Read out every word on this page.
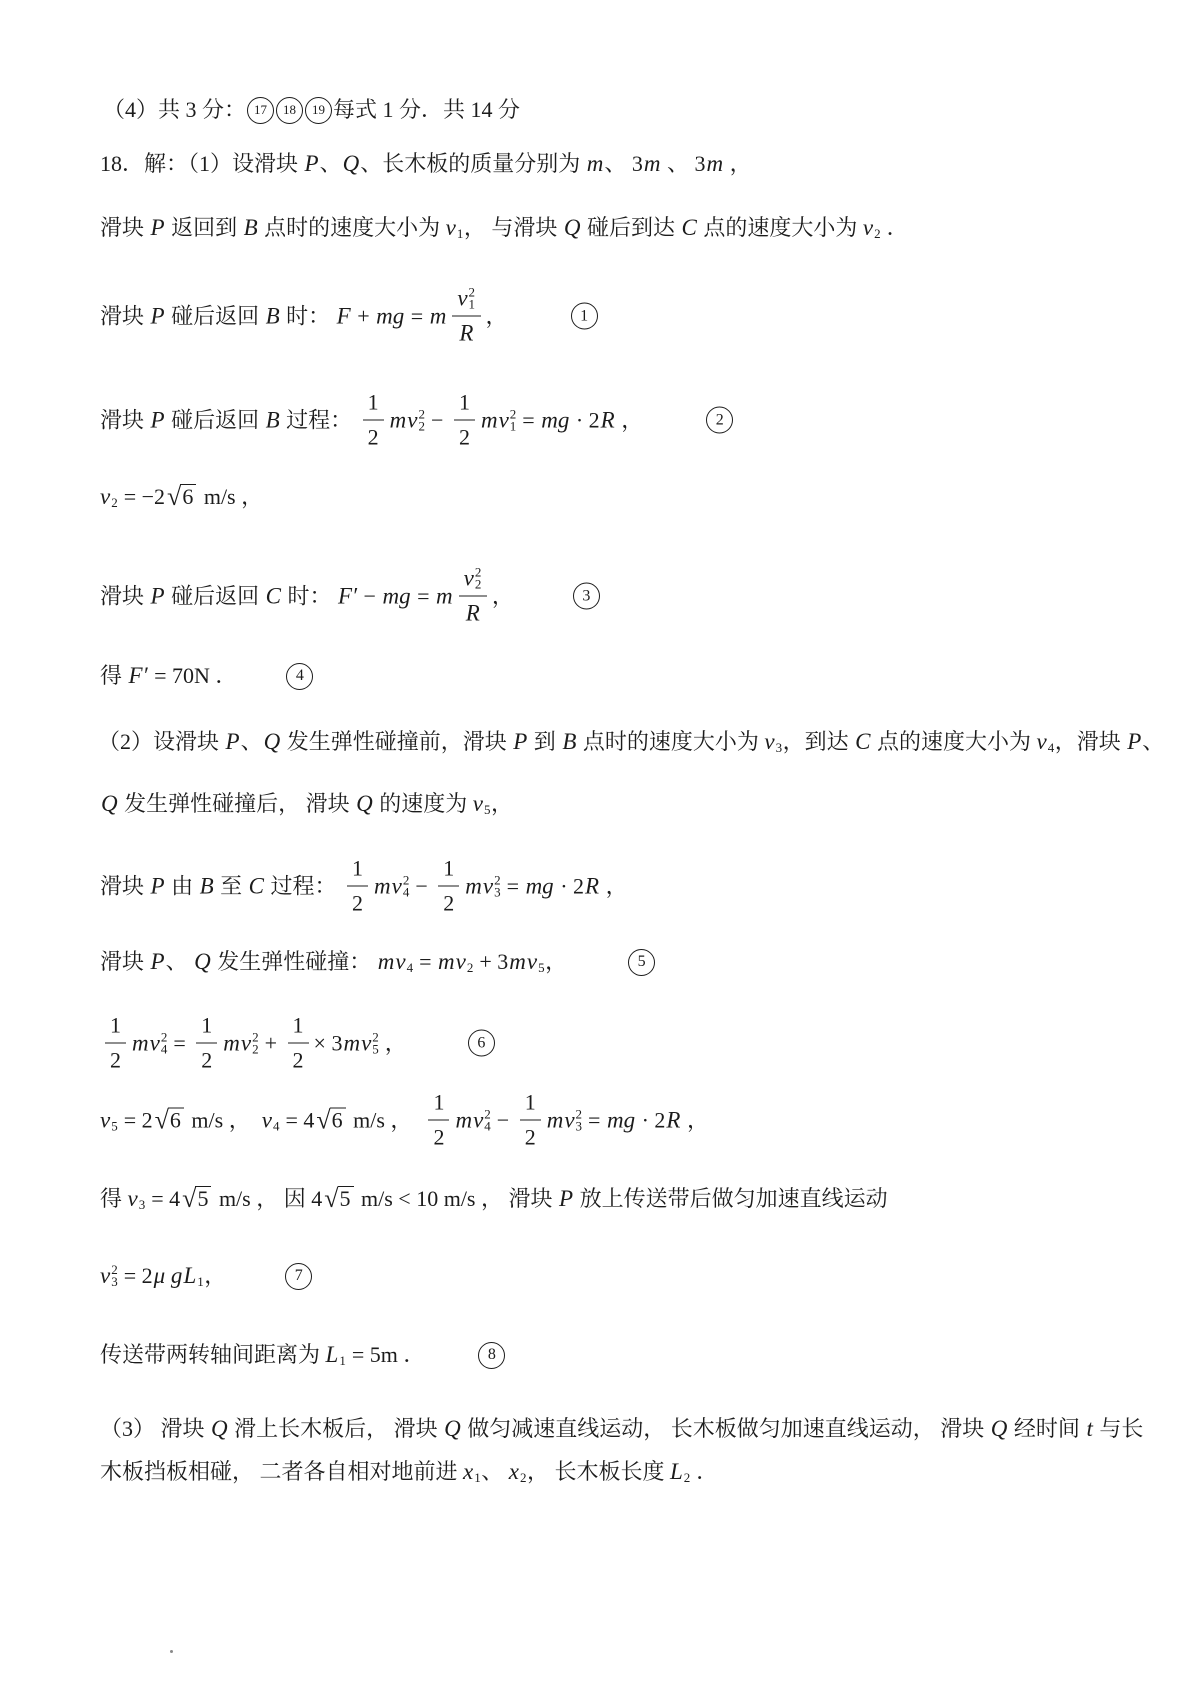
（4）共 3 分： 17	18	19 每式 1 分．共 14 分
18．解：（1）设滑块 P 、 Q 、长木板的质量分别为 m 、 3 m 、 3 m ，
滑块 P 返回到 B 点时的速度大小为 v 1 ， 与滑块 Q 碰后到达 C 点的速度大小为 v 2 ．
滑块 P 碰后返回 B 时： F + mg = m v 2
1
R ，	1
滑块 P 碰后返回 B 过程： $\frac{1}{2}$ m v 2
$2 - \frac{1}{2}$ m v 2
1 = mg · 2 R ，	2
v 2 = −2 √ 6 m/s ，
滑块 P 碰后返回 C 时： F′ − mg = m v 2
2
R ，	3
得 F′ = 70N ．	4
（2）设滑块 P 、 Q 发生弹性碰撞前，滑块 P 到 B 点时的速度大小为 v 3 ，到达 C 点的速度大小为 v 4 ，滑块 P 、
Q 发生弹性碰撞后， 滑块 Q 的速度为 v 5 ，
滑块 P 由 B 至 C 过程： $\frac{1}{2}$ m v 2
$4 - \frac{1}{2}$ m v 2
3 = mg · 2 R ，
滑块 P 、 Q 发生弹性碰撞： m v 4 = m v 2 + 3 m v 5 ，	5
$\frac{1}{2}$ m v 2
$4 = \frac{1}{2}$ m v 2
$2 + \frac{1}{2} \times 3$ m v 2
5 ，	6
v 5 = 2 √ 6 m/s ， v 4 = 4 √ 6 m/s ， $\frac{1}{2}$ m v 2
$4 - \frac{1}{2}$ m v 2
3 = mg · 2 R ，
得 v 3 = 4 √ 5 m/s ， 因 4 √ 5 m/s < 10 m/s ， 滑块 P 放上传送带后做匀加速直线运动
v 2
3 = 2 μ g L 1 ，	7
传送带两转轴间距离为 L 1 = 5m ．	8
（3） 滑块 Q 滑上长木板后， 滑块 Q 做匀减速直线运动， 长木板做匀加速直线运动， 滑块 Q 经时间 t 与长
木板挡板相碰， 二者各自相对地前进 x 1 、 x 2 ， 长木板长度 L 2 ．
